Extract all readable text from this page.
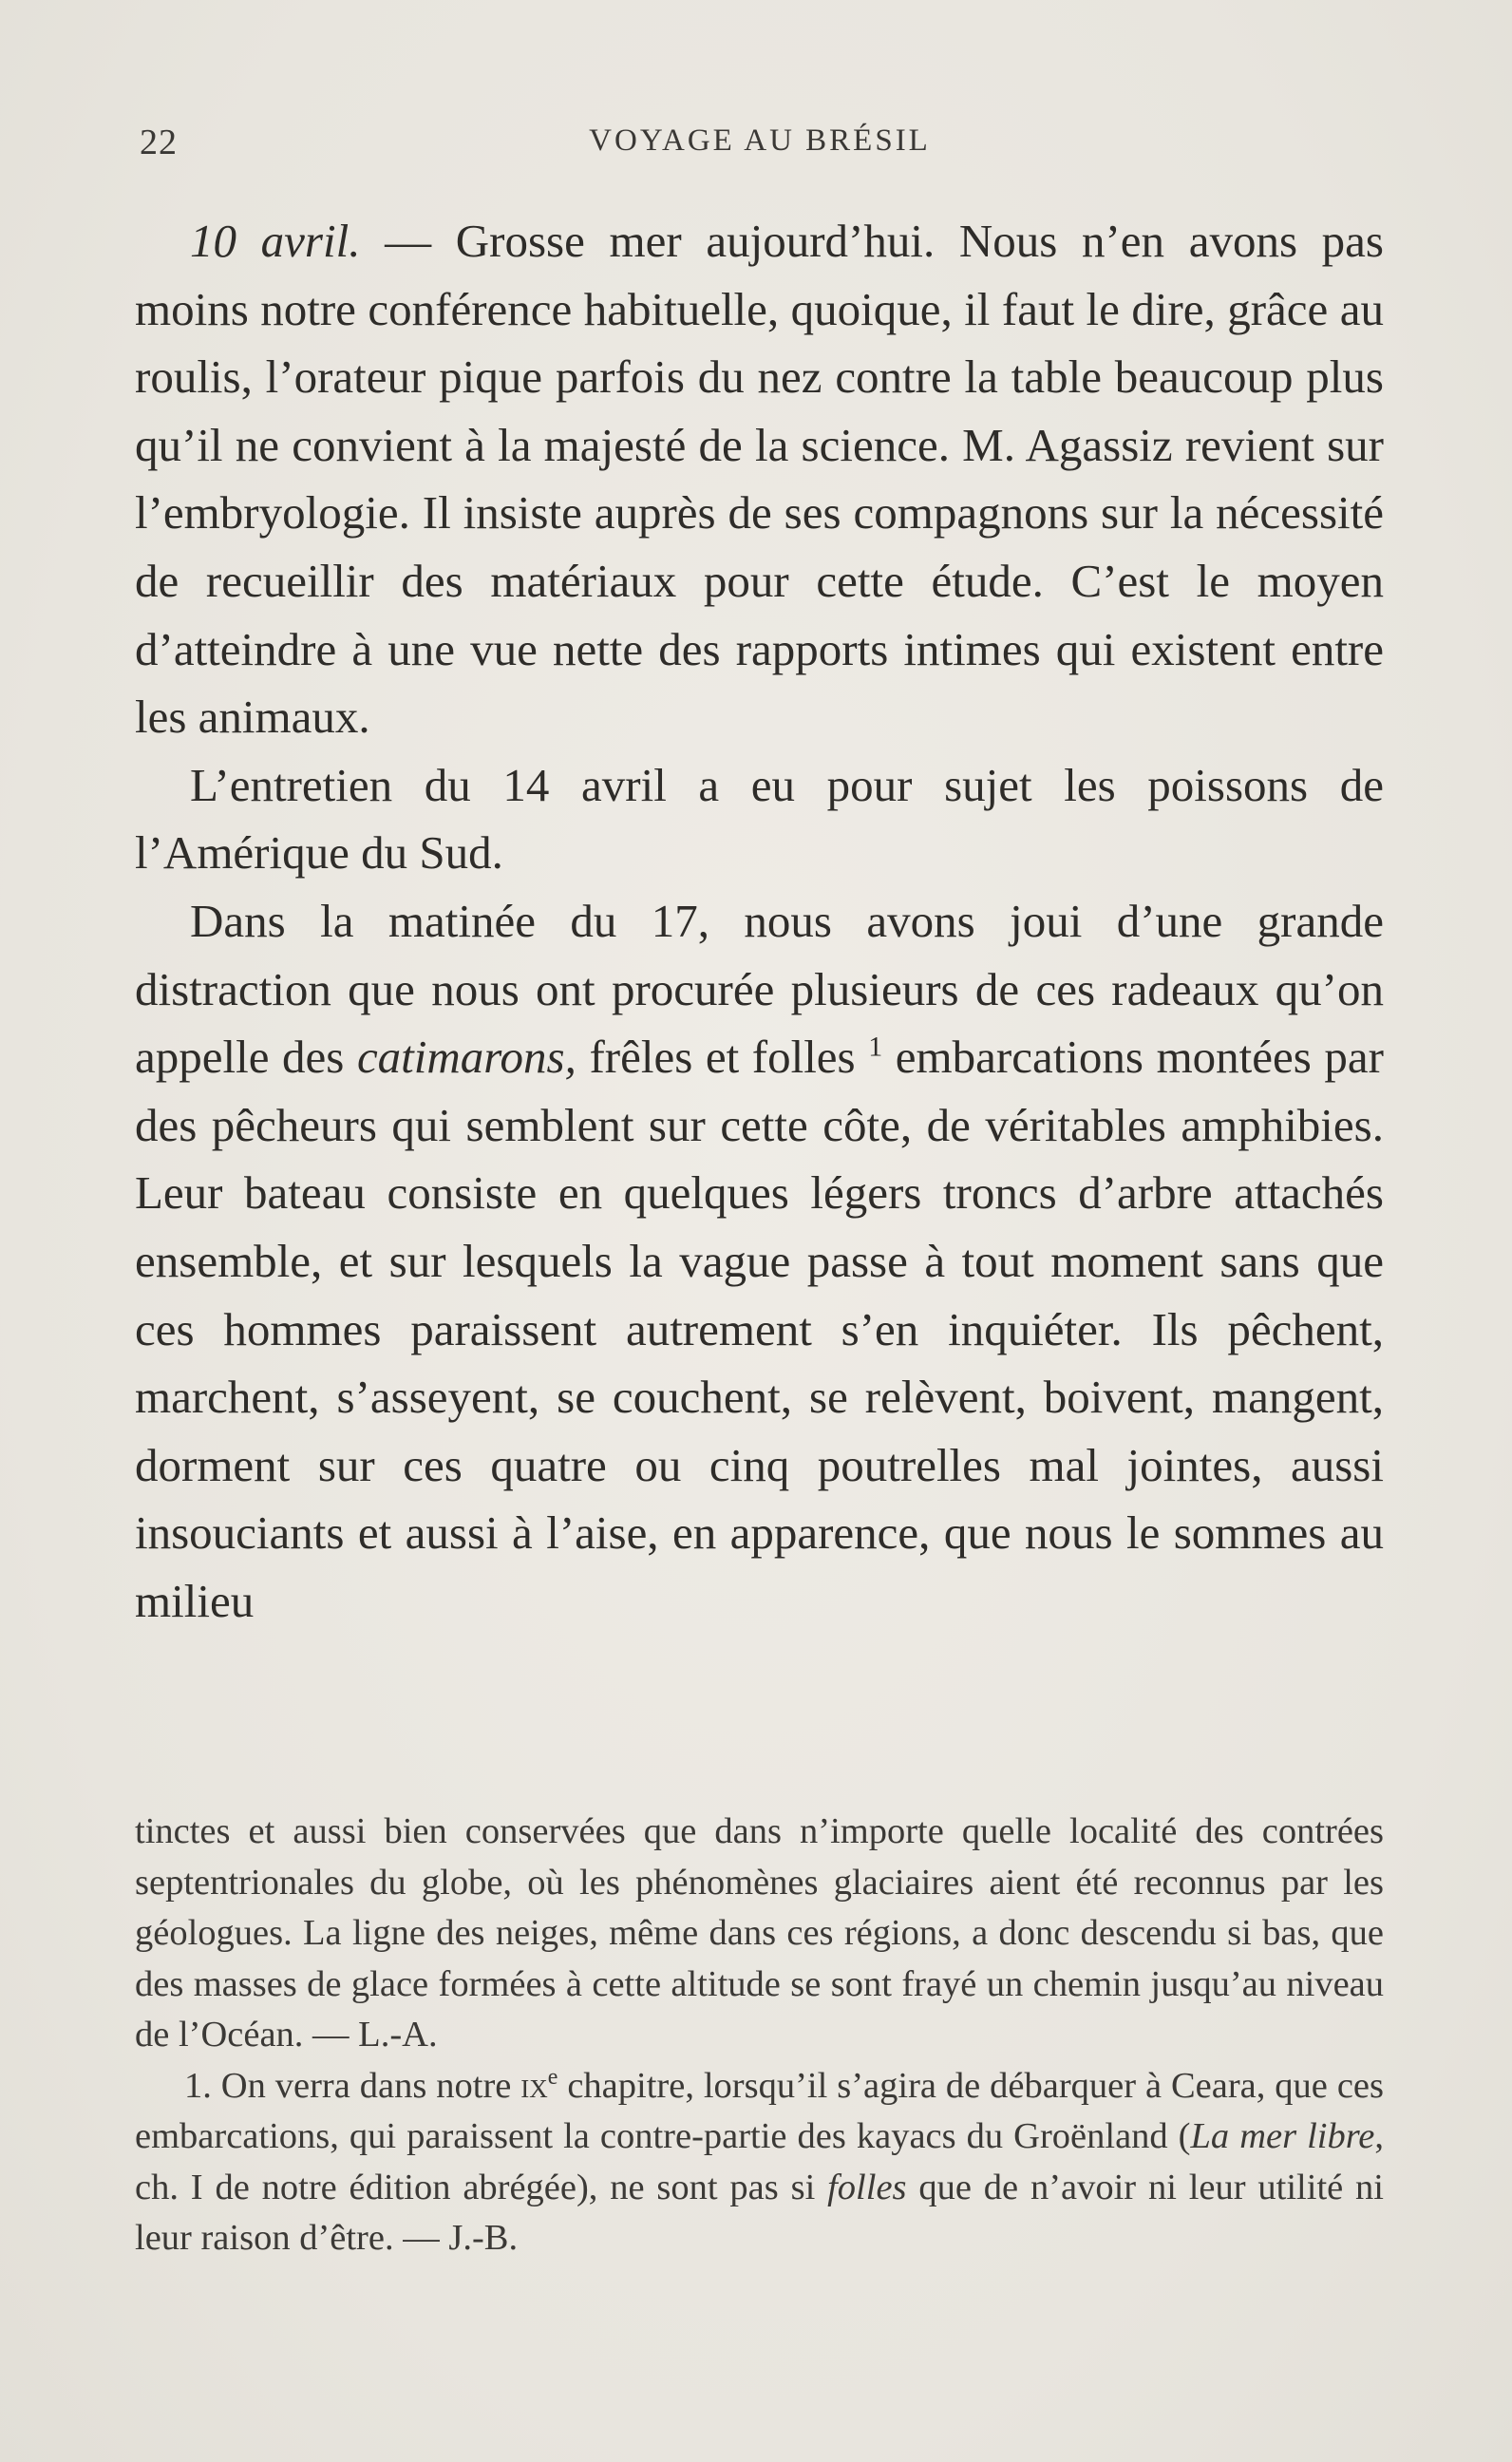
22	VOYAGE AU BRÉSIL

10 avril. — Grosse mer aujourd’hui. Nous n’en avons pas moins notre conférence habituelle, quoique, il faut le dire, grâce au roulis, l’orateur pique parfois du nez contre la table beaucoup plus qu’il ne convient à la majesté de la science. M. Agassiz revient sur l’embryologie. Il insiste auprès de ses compagnons sur la nécessité de recueillir des matériaux pour cette étude. C’est le moyen d’atteindre à une vue nette des rapports intimes qui existent entre les animaux.

L’entretien du 14 avril a eu pour sujet les poissons de l’Amérique du Sud.

Dans la matinée du 17, nous avons joui d’une grande distraction que nous ont procurée plusieurs de ces radeaux qu’on appelle des catimarons, frêles et folles $^1$ embarcations montées par des pêcheurs qui semblent sur cette côte, de véritables amphibies. Leur bateau consiste en quelques légers troncs d’arbre attachés ensemble, et sur lesquels la vague passe à tout moment sans que ces hommes paraissent autrement s’en inquiéter. Ils pêchent, marchent, s’asseyent, se couchent, se relèvent, boivent, mangent, dorment sur ces quatre ou cinq poutrelles mal jointes, aussi insouciants et aussi à l’aise, en apparence, que nous le sommes au milieu

tinctes et aussi bien conservées que dans n’importe quelle localité des contrées septentrionales du globe, où les phénomènes glaciaires aient été reconnus par les géologues. La ligne des neiges, même dans ces régions, a donc descendu si bas, que des masses de glace formées à cette altitude se sont frayé un chemin jusqu’au niveau de l’Océan. — L.-A.

1. On verra dans notre $ix^e$ chapitre, lorsqu’il s’agira de débarquer à Ceara, que ces embarcations, qui paraissent la contre-partie des kayacs du Groënland (La mer libre, ch. I de notre édition abrégée), ne sont pas si folles que de n’avoir ni leur utilité ni leur raison d’être. — J.-B.
